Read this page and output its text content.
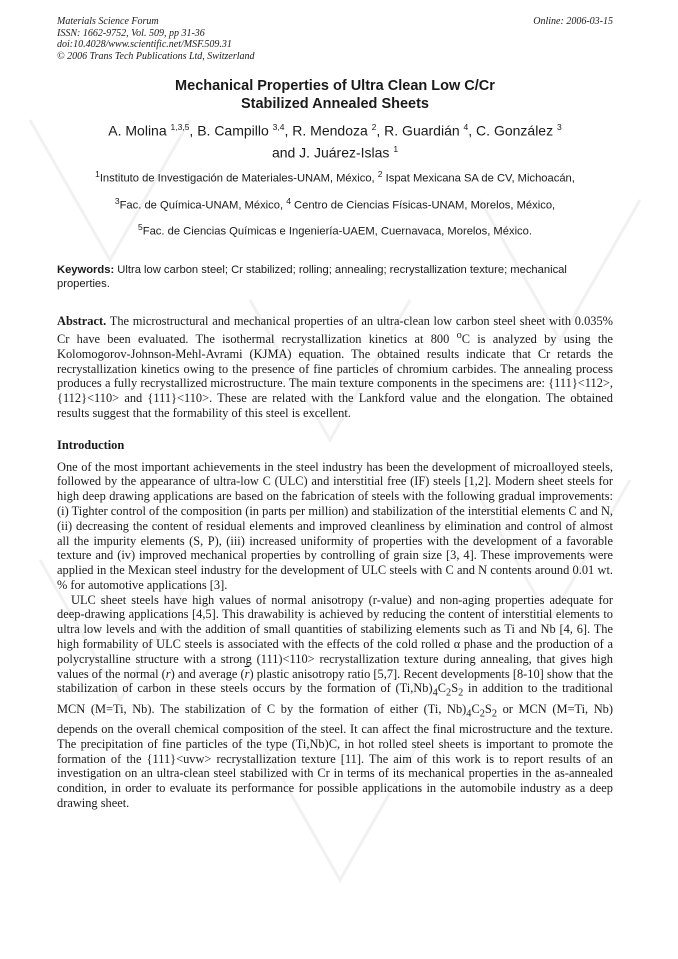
Materials Science Forum
ISSN: 1662-9752, Vol. 509, pp 31-36
doi:10.4028/www.scientific.net/MSF.509.31
© 2006 Trans Tech Publications Ltd, Switzerland
Online: 2006-03-15
Mechanical Properties of Ultra Clean Low C/Cr
Stabilized Annealed Sheets
A. Molina $^{1,3,5}$, B. Campillo $^{3,4}$, R. Mendoza $^2$, R. Guardián $^4$, C. González $^3$
and J. Juárez-Islas $^1$
$^1$Instituto de Investigación de Materiales-UNAM, México, $^2$ Ispat Mexicana SA de CV, Michoacán,
$^3$Fac. de Química-UNAM, México, $^4$ Centro de Ciencias Físicas-UNAM, Morelos, México,
$^5$Fac. de Ciencias Químicas e Ingeniería-UAEM, Cuernavaca, Morelos, México.
Keywords: Ultra low carbon steel; Cr stabilized; rolling; annealing; recrystallization texture; mechanical properties.
Abstract. The microstructural and mechanical properties of an ultra-clean low carbon steel sheet with 0.035% Cr have been evaluated. The isothermal recrystallization kinetics at 800 $^o$C is analyzed by using the Kolomogorov-Johnson-Mehl-Avrami (KJMA) equation. The obtained results indicate that Cr retards the recrystallization kinetics owing to the presence of fine particles of chromium carbides. The annealing process produces a fully recrystallized microstructure. The main texture components in the specimens are: {111}<112>, {112}<110> and {111}<110>. These are related with the Lankford value and the elongation. The obtained results suggest that the formability of this steel is excellent.
Introduction
One of the most important achievements in the steel industry has been the development of microalloyed steels, followed by the appearance of ultra-low C (ULC) and interstitial free (IF) steels [1,2]. Modern sheet steels for high deep drawing applications are based on the fabrication of steels with the following gradual improvements: (i) Tighter control of the composition (in parts per million) and stabilization of the interstitial elements C and N, (ii) decreasing the content of residual elements and improved cleanliness by elimination and control of almost all the impurity elements (S, P), (iii) increased uniformity of properties with the development of a favorable texture and (iv) improved mechanical properties by controlling of grain size [3, 4]. These improvements were applied in the Mexican steel industry for the development of ULC steels with C and N contents around 0.01 wt. % for automotive applications [3].
ULC sheet steels have high values of normal anisotropy (r-value) and non-aging properties adequate for deep-drawing applications [4,5]. This drawability is achieved by reducing the content of interstitial elements to ultra low levels and with the addition of small quantities of stabilizing elements such as Ti and Nb [4, 6]. The high formability of ULC steels is associated with the effects of the cold rolled α phase and the production of a polycrystalline structure with a strong (111)<110> recrystallization texture during annealing, that gives high values of the normal (r) and average $(\overline{r})$ plastic anisotropy ratio [5,7]. Recent developments [8-10] show that the stabilization of carbon in these steels occurs by the formation of $(Ti,Nb)_4C_2S_2$ in addition to the traditional MCN (M=Ti, Nb). The stabilization of C by the formation of either (Ti, $Nb)_4C_2S_2$ or MCN (M=Ti, Nb) depends on the overall chemical composition of the steel. It can affect the final microstructure and the texture. The precipitation of fine particles of the type (Ti,Nb)C, in hot rolled steel sheets is important to promote the formation of the {111}<uvw> recrystallization texture [11]. The aim of this work is to report results of an investigation on an ultra-clean steel stabilized with Cr in terms of its mechanical properties in the as-annealed condition, in order to evaluate its performance for possible applications in the automobile industry as a deep drawing sheet.
